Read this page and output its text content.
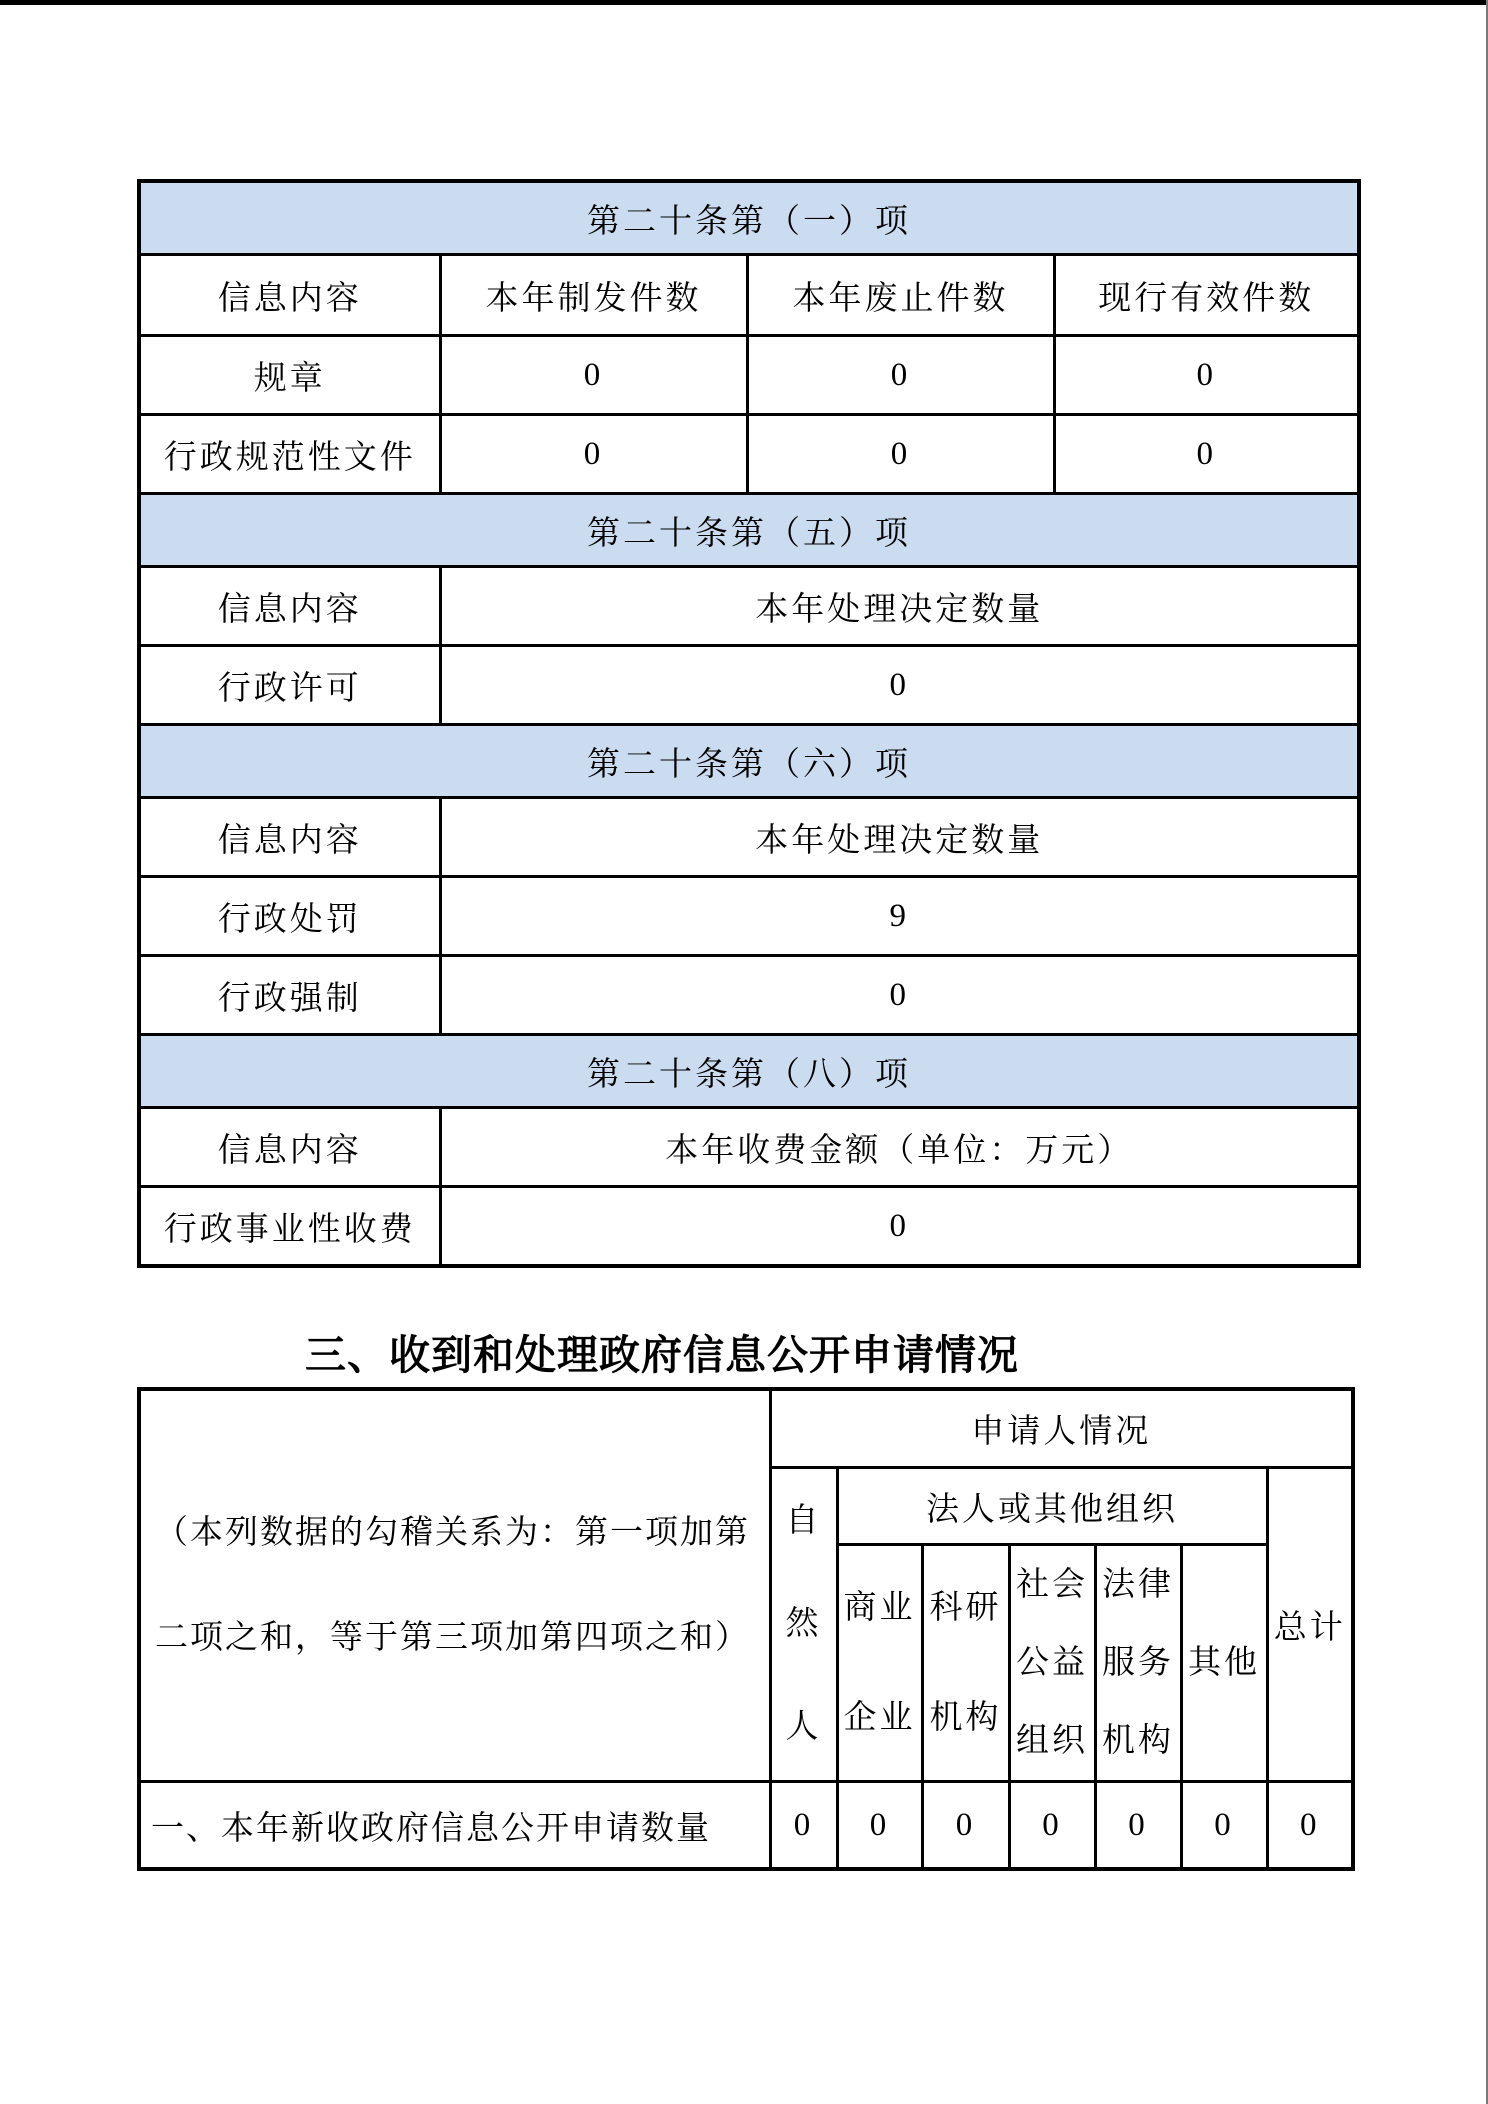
第二十条第（一）项			
信息内容	本年制发件数	本年废止件数	现行有效件数
规章	0	0	0
行政规范性文件	0	0	0
第二十条第（五）项			
信息内容	本年处理决定数量		
行政许可	0		
第二十条第（六）项			
信息内容	本年处理决定数量		
行政处罚	9		
行政强制	0		
第二十条第（八）项			
信息内容	本年收费金额（单位：万元）		
行政事业性收费	0		
三、收到和处理政府信息公开申请情况
（本列数据的勾稽关系为：第一项加第二项之和，等于第三项加第四项之和）	申请人情况						
	自然人	法人或其他组织					总计
		商业企业	科研机构	社会公益组织	法律服务机构	其他	
一、本年新收政府信息公开申请数量	0	0	0	0	0	0	0
